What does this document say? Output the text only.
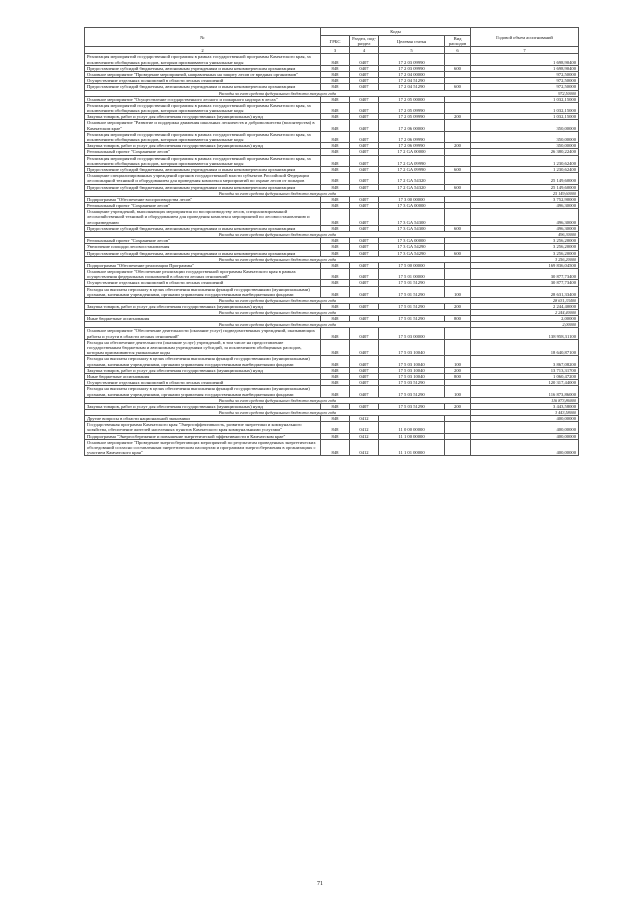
№	Коды				Годовой объем ассигнований
	ГРБС	Раздел, под-раздел	Целевая статья	Вид расходов	
2	3	4	5	6	7
Реализация мероприятий государственной программы в рамках государственной программы Камчатского края, за исключением обобщенных расходов, которым присваиваются уникальные коды	848	0407	17 2 03 09990		1 698,90400
Предоставление субсидий бюджетным, автономным учреждениям и иным некоммерческим организациям	848	0407	17 2 03 09990	600	1 698,90400
Основное мероприятие "Проведение мероприятий, направленных на защиту лесов от вредных организмов"	848	0407	17 2 04 00000		972,50000
Осуществление отдельных полномочий в области лесных отношений	848	0407	17 2 04 51290		972,50000
Предоставление субсидий бюджетным, автономным учреждениям и иным некоммерческим организациям	848	0407	17 2 04 51290	600	972,50000
Расходы за счет средств федерального бюджета текущего года					972,50000
Основное мероприятие "Осуществление государственного лесного и пожарного надзора в лесах"	848	0407	17 2 05 00000		1 032,15000
Реализация мероприятий государственной программы в рамках государственной программы Камчатского края, за исключением обобщенных расходов, которым присваиваются уникальные коды	848	0407	17 2 05 09990		1 032,15000
Закупка товаров, работ и услуг для обеспечения государственных (муниципальных) нужд	848	0407	17 2 05 09990	200	1 032,15000
Основное мероприятие "Развитие и поддержка движения школьных лесничеств и добровольчества (волонтерства) в Камчатском крае"	848	0407	17 2 06 00000		350,00000
Реализация мероприятий государственной программы в рамках государственной программы Камчатского края, за исключением обобщенных расходов, которым присваиваются уникальные коды	848	0407	17 2 06 09990		350,00000
Закупка товаров, работ и услуг для обеспечения государственных (муниципальных) нужд	848	0407	17 2 06 09990	200	350,00000
Региональный проект "Сохранение лесов"	848	0407	17 2 GA 00000		26 380,22400
Реализация мероприятий государственной программы в рамках государственной программы Камчатского края, за исключением обобщенных расходов, которым присваиваются уникальные коды	848	0407	17 2 GA 09990		1 230,62400
Предоставление субсидий бюджетным, автономным учреждениям и иным некоммерческим организациям	848	0407	17 2 GA 09990	600	1 230,62400
Оснащение специализированных учреждений органов государственной власти субъектов Российской Федерации лесопожарной техникой и оборудованием для проведения комплекса мероприятий по охране лесов от пожаров	848	0407	17 2 GA 54320		25 149,60000
Предоставление субсидий бюджетным, автономным учреждениям и иным некоммерческим организациям	848	0407	17 2 GA 54320	600	25 149,60000
Расходы за счет средств федерального бюджета текущего года					25 149,60000
Подпрограмма "Обеспечение воспроизводства лесов"	848	0407	17 3 00 00000		3 752,90000
Региональный проект "Сохранение лесов"	848	0407	17 3 GA 00000		496,30000
Оснащение учреждений, выполняющих мероприятия по воспроизводству лесов, специализированной лесохозяйственной техникой и оборудованием для проведения комплекса мероприятий по лесовосстановлению и лесоразведению	848	0407	17 3 GA 54300		496,30000
Предоставление субсидий бюджетным, автономным учреждениям и иным некоммерческим организациям	848	0407	17 3 GA 54300	600	496,30000
Расходы за счет средств федерального бюджета текущего года					496,30000
Региональный проект "Сохранение лесов"	848	0407	17 3 GA 00000		3 256,20000
Увеличение площади лесовосстановления	848	0407	17 3 GA 54290		3 256,20000
Предоставление субсидий бюджетным, автономным учреждениям и иным некоммерческим организациям	848	0407	17 3 GA 54290	600	3 256,20000
Расходы за счет средств федерального бюджета текущего года					3 256,20000
Подпрограмма "Обеспечение реализации Программы"	848	0407	17 5 00 00000		169 836,04500
Основное мероприятие "Обеспечение реализации государственной программы Камчатского края в рамках осуществления федеральных полномочий в области лесных отношений"	848	0407	17 5 01 00000		30 877,73400
Осуществление отдельных полномочий в области лесных отношений	848	0407	17 5 01 51290		30 877,73400
Расходы на выплаты персоналу в целях обеспечения выполнения функций государственными (муниципальными) органами, казенными учреждениями, органами управления государственными внебюджетными фондами	848	0407	17 5 01 51290	100	28 631,33400
Расходы за счет средств федерального бюджета текущего года					28 631,33400
Закупка товаров, работ и услуг для обеспечения государственных (муниципальных) нужд	848	0407	17 5 01 51290	200	2 244,40000
Расходы за счет средств федерального бюджета текущего года					2 244,40000
Иные бюджетные ассигнования	848	0407	17 5 01 51290	800	2,00000
Расходы за счет средств федерального бюджета текущего года					2,00000
Основное мероприятие "Обеспечение деятельности (оказание услуг) подведомственных учреждений, оказывающих работы и услуги в области лесных отношений"	848	0407	17 5 03 00000		138 958,31100
Расходы на обеспечение деятельности (оказание услуг) учреждений, в том числе на предоставление государственным бюджетным и автономным учреждениям субсидий, за исключением обобщенных расходов, которым присваиваются уникальные коды	848	0407	17 5 03 10040		18 640,87100
Расходы на выплаты персоналу в целях обеспечения выполнения функций государственными (муниципальными) органами, казенными учреждениями, органами управления государственными внебюджетными фондами	848	0407	17 5 03 10040	100	3 867,08200
Закупка товаров, работ и услуг для обеспечения государственных (муниципальных) нужд	848	0407	17 5 03 10040	200	13 713,31700
Иные бюджетные ассигнования	848	0407	17 5 03 10040	800	1 060,47200
Осуществление отдельных полномочий в области лесных отношений	848	0407	17 5 03 51290		120 317,44000
Расходы на выплаты персоналу в целях обеспечения выполнения функций государственными (муниципальными) органами, казенными учреждениями, органами управления государственными внебюджетными фондами	848	0407	17 5 03 51290	100	116 873,86000
Расходы за счет средств федерального бюджета текущего года					116 873,86000
Закупка товаров, работ и услуг для обеспечения государственных (муниципальных) нужд	848	0407	17 5 03 51290	200	3 443,58000
Расходы за счет средств федерального бюджета текущего года					3 443,58000
Другие вопросы в области национальной экономики	848	0412			400,00000
Государственная программа Камчатского края "Энергоэффективность, развитие энергетики и коммунального хозяйства, обеспечение жителей населенных пунктов Камчатского края коммунальными услугами"	848	0412	11 0 00 00000		400,00000
Подпрограмма "Энергосбережение и повышение энергетической эффективности в Камчатском крае"	848	0412	11 1 00 00000		400,00000
Основное мероприятие "Проведение энергосберегающих мероприятий по результатам проведенных энергетических обследований согласно составленным энергетическим паспортам и программам энергосбережения в организациях с участием Камчатского края"	848	0412	11 1 01 00000		400,00000
71
